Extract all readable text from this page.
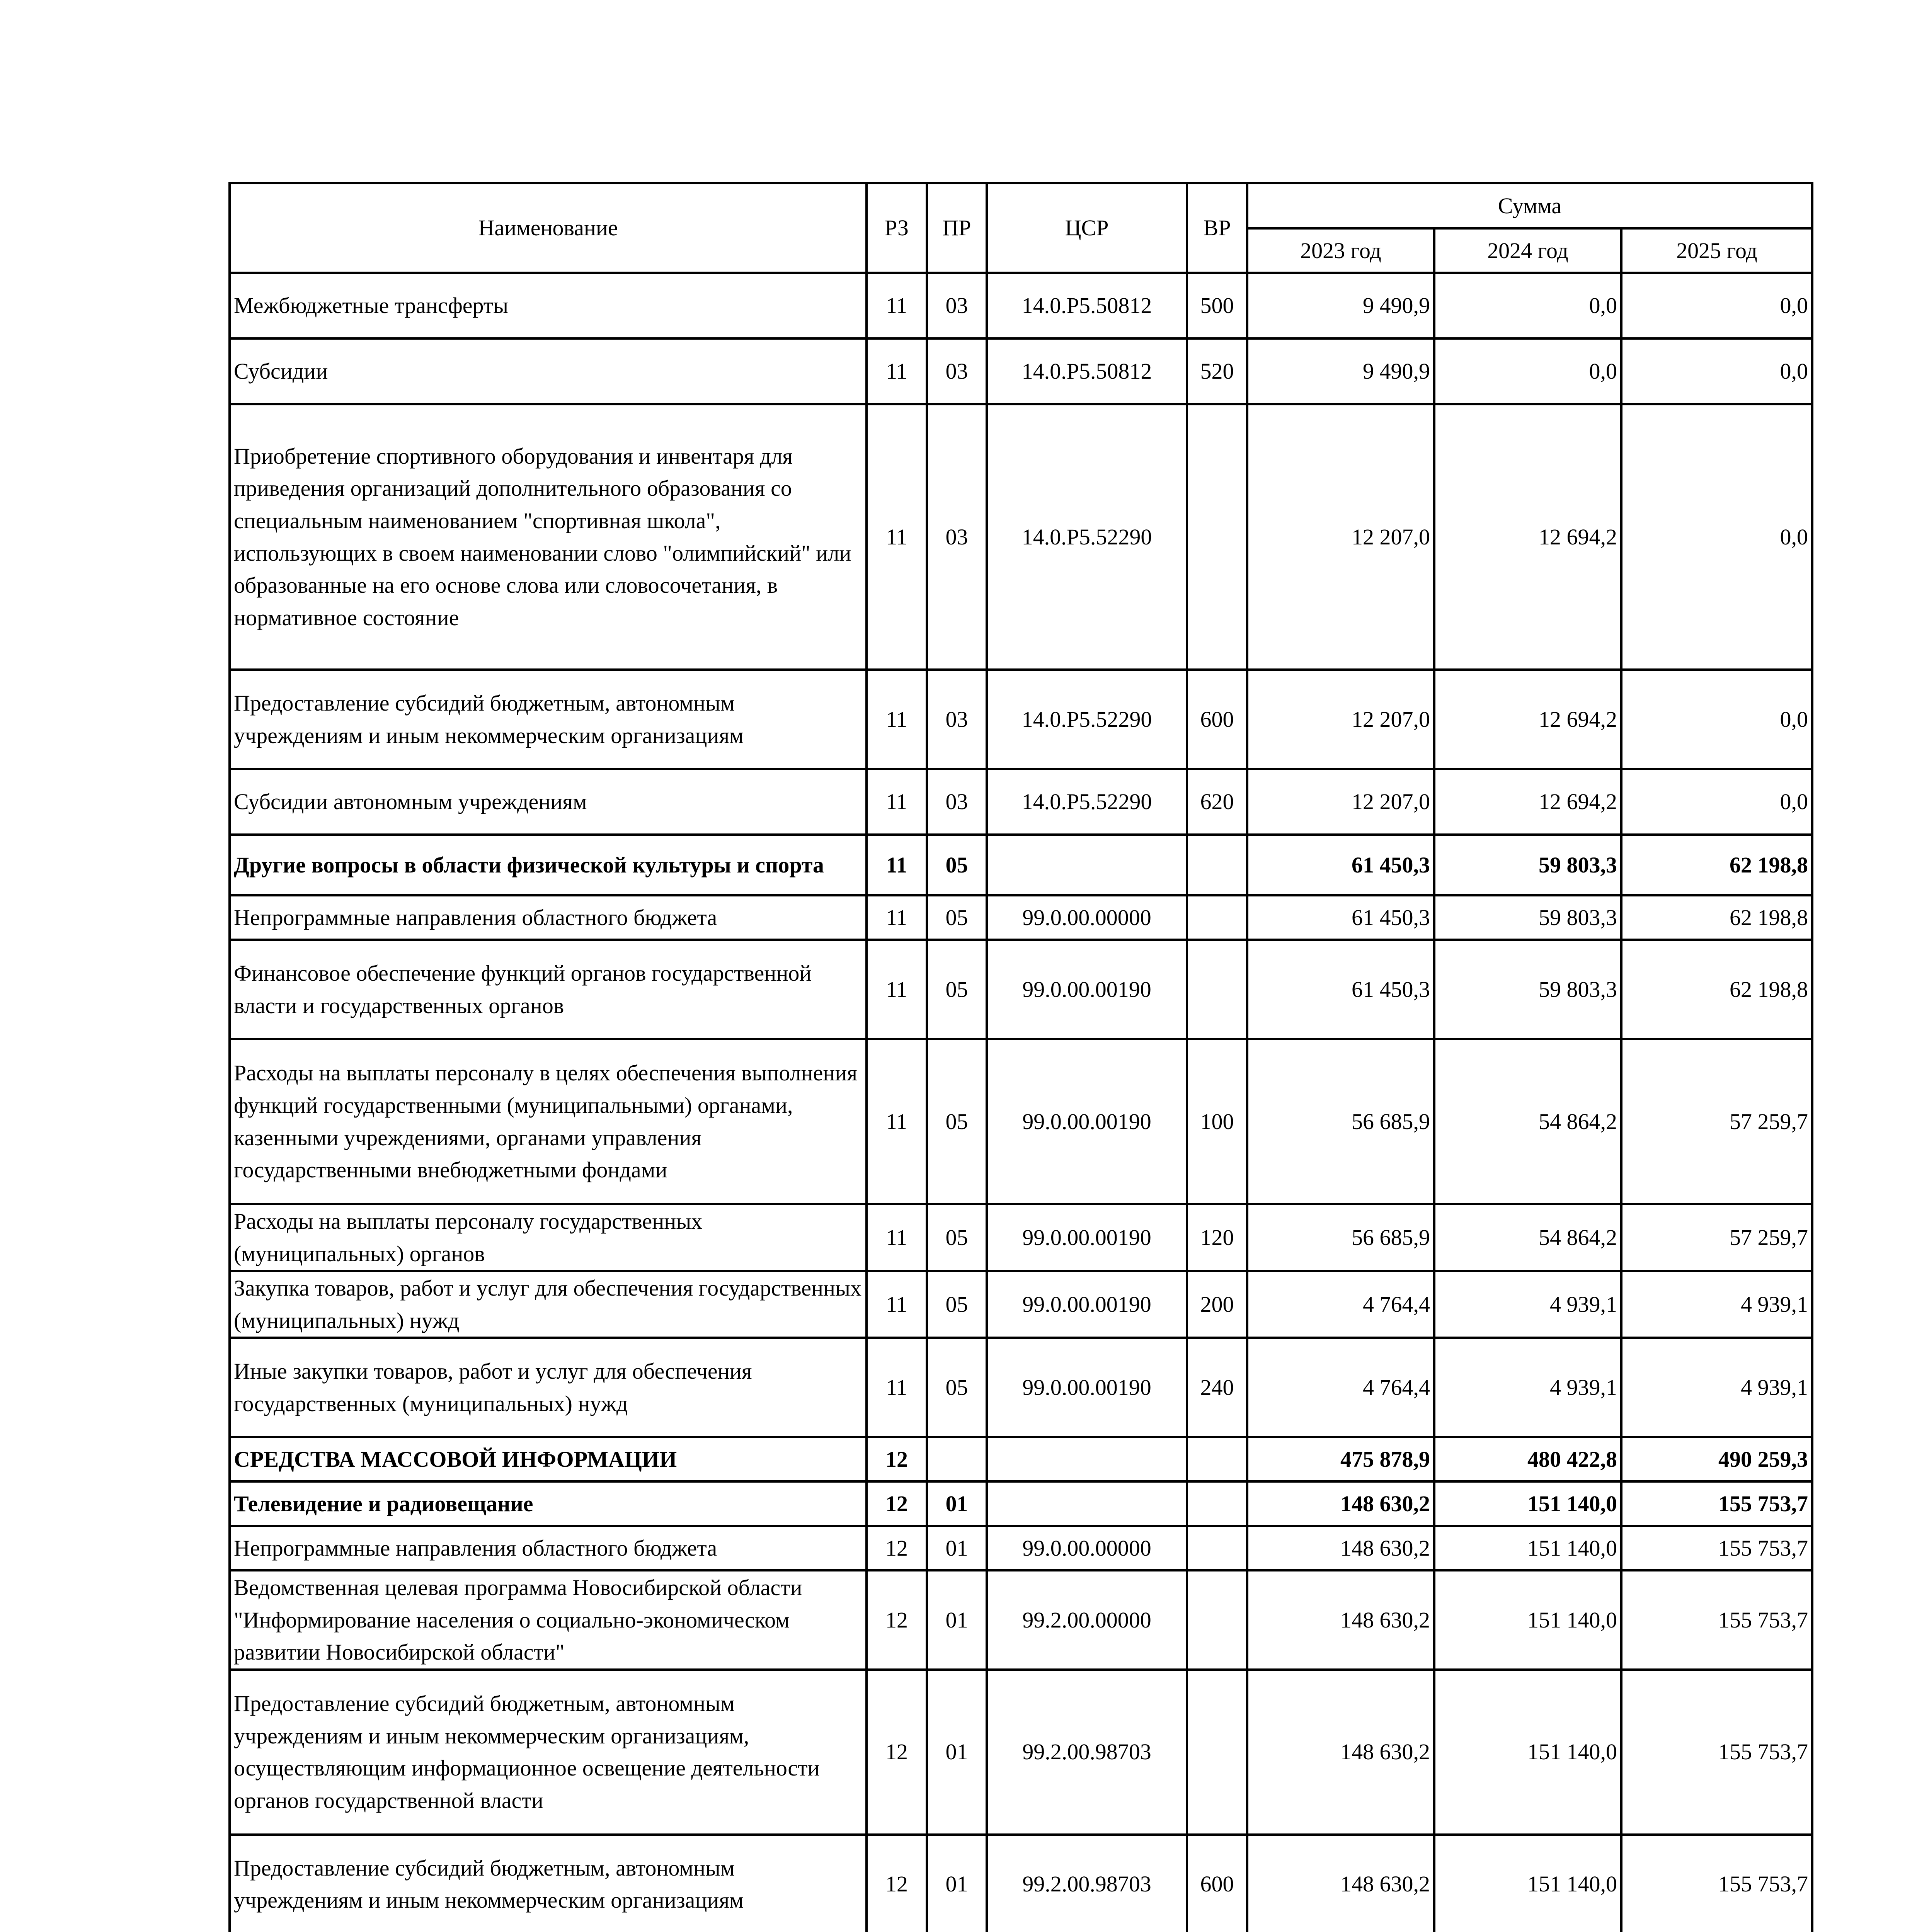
Наименование	РЗ	ПР	ЦСР	ВР	Сумма		
					2023 год	2024 год	2025 год
Межбюджетные трансферты	11	03	14.0.P5.50812	500	9 490,9	0,0	0,0
Субсидии	11	03	14.0.P5.50812	520	9 490,9	0,0	0,0
Приобретение спортивного оборудования и инвентаря для приведения организаций дополнительного образования со специальным наименованием "спортивная школа", использующих в своем наименовании слово "олимпийский" или образованные на его основе слова или словосочетания, в нормативное состояние	11	03	14.0.P5.52290		12 207,0	12 694,2	0,0
Предоставление субсидий бюджетным, автономным учреждениям и иным некоммерческим организациям	11	03	14.0.P5.52290	600	12 207,0	12 694,2	0,0
Субсидии автономным учреждениям	11	03	14.0.P5.52290	620	12 207,0	12 694,2	0,0
Другие вопросы в области физической культуры и спорта	11	05			61 450,3	59 803,3	62 198,8
Непрограммные направления областного бюджета	11	05	99.0.00.00000		61 450,3	59 803,3	62 198,8
Финансовое обеспечение функций органов государственной власти и государственных органов	11	05	99.0.00.00190		61 450,3	59 803,3	62 198,8
Расходы на выплаты персоналу в целях обеспечения выполнения функций государственными (муниципальными) органами, казенными учреждениями, органами управления государственными внебюджетными фондами	11	05	99.0.00.00190	100	56 685,9	54 864,2	57 259,7
Расходы на выплаты персоналу государственных (муниципальных) органов	11	05	99.0.00.00190	120	56 685,9	54 864,2	57 259,7
Закупка товаров, работ и услуг для обеспечения государственных (муниципальных) нужд	11	05	99.0.00.00190	200	4 764,4	4 939,1	4 939,1
Иные закупки товаров, работ и услуг для обеспечения государственных (муниципальных) нужд	11	05	99.0.00.00190	240	4 764,4	4 939,1	4 939,1
СРЕДСТВА МАССОВОЙ ИНФОРМАЦИИ	12				475 878,9	480 422,8	490 259,3
Телевидение и радиовещание	12	01			148 630,2	151 140,0	155 753,7
Непрограммные направления областного бюджета	12	01	99.0.00.00000		148 630,2	151 140,0	155 753,7
Ведомственная целевая программа Новосибирской области "Информирование населения о социально-экономическом развитии Новосибирской области"	12	01	99.2.00.00000		148 630,2	151 140,0	155 753,7
Предоставление субсидий бюджетным, автономным учреждениям и иным некоммерческим организациям, осуществляющим информационное освещение деятельности органов государственной власти	12	01	99.2.00.98703		148 630,2	151 140,0	155 753,7
Предоставление субсидий бюджетным, автономным учреждениям и иным некоммерческим организациям	12	01	99.2.00.98703	600	148 630,2	151 140,0	155 753,7
